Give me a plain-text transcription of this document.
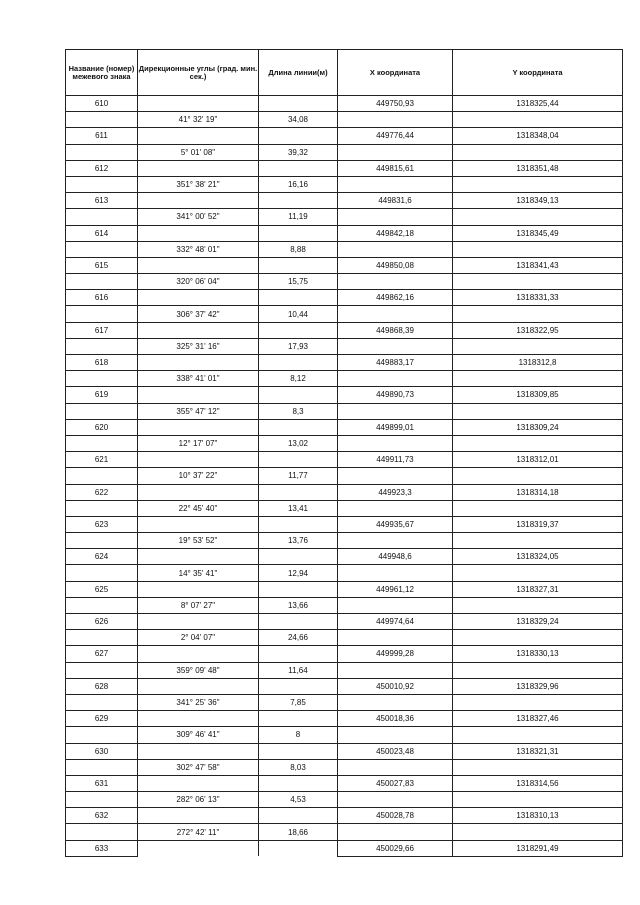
Название (номер) межевого знака	Дирекционные углы (град. мин. сек.)	Длина линии(м)	X координата	Y координата
610			449750,93	1318325,44
	41° 32' 19"	34,08		
611			449776,44	1318348,04
	5° 01' 08"	39,32		
612			449815,61	1318351,48
	351° 38' 21"	16,16		
613			449831,6	1318349,13
	341° 00' 52"	11,19		
614			449842,18	1318345,49
	332° 48' 01"	8,88		
615			449850,08	1318341,43
	320° 06' 04"	15,75		
616			449862,16	1318331,33
	306° 37' 42"	10,44		
617			449868,39	1318322,95
	325° 31' 16"	17,93		
618			449883,17	1318312,8
	338° 41' 01"	8,12		
619			449890,73	1318309,85
	355° 47' 12"	8,3		
620			449899,01	1318309,24
	12° 17' 07"	13,02		
621			449911,73	1318312,01
	10° 37' 22"	11,77		
622			449923,3	1318314,18
	22° 45' 40"	13,41		
623			449935,67	1318319,37
	19° 53' 52"	13,76		
624			449948,6	1318324,05
	14° 35' 41"	12,94		
625			449961,12	1318327,31
	8° 07' 27"	13,66		
626			449974,64	1318329,24
	2° 04' 07"	24,66		
627			449999,28	1318330,13
	359° 09' 48"	11,64		
628			450010,92	1318329,96
	341° 25' 36"	7,85		
629			450018,36	1318327,46
	309° 46' 41"	8		
630			450023,48	1318321,31
	302° 47' 58"	8,03		
631			450027,83	1318314,56
	282° 06' 13"	4,53		
632			450028,78	1318310,13
	272° 42' 11"	18,66		
633			450029,66	1318291,49
